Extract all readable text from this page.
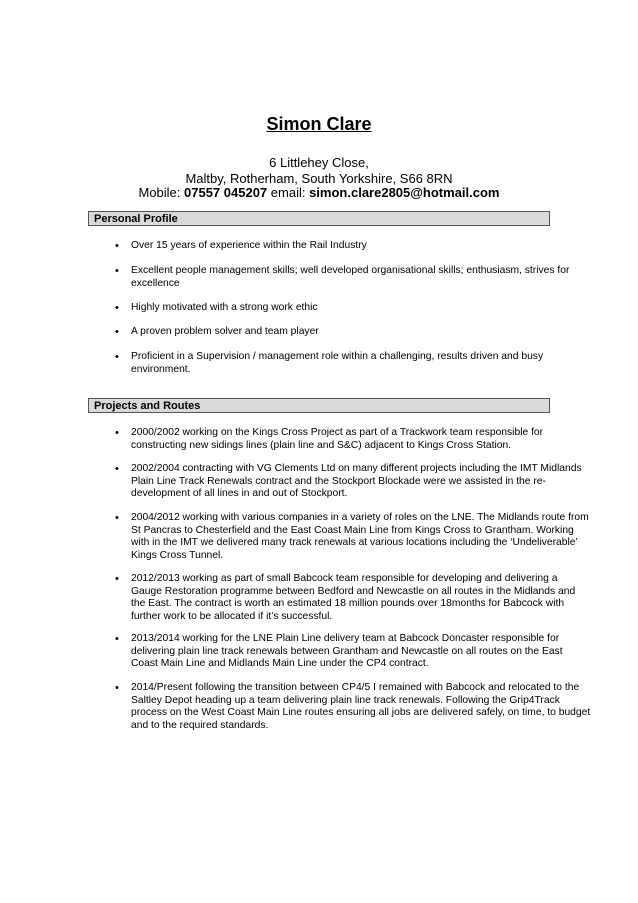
Simon Clare
6 Littlehey Close,
Maltby, Rotherham, South Yorkshire, S66 8RN
Mobile: 07557 045207 email: simon.clare2805@hotmail.com
Personal Profile
• Over 15 years of experience within the Rail Industry
• Excellent people management skills; well developed organisational skills; enthusiasm, strives for excellence
• Highly motivated with a strong work ethic
• A proven problem solver and team player
• Proficient in a Supervision / management role within a challenging, results driven and busy environment.
Projects and Routes
• 2000/2002 working on the Kings Cross Project as part of a Trackwork team responsible for constructing new sidings lines (plain line and S&C) adjacent to Kings Cross Station.
• 2002/2004 contracting with VG Clements Ltd on many different projects including the IMT Midlands Plain Line Track Renewals contract and the Stockport Blockade were we assisted in the re-development of all lines in and out of Stockport.
• 2004/2012 working with various companies in a variety of roles on the LNE. The Midlands route from St Pancras to Chesterfield and the East Coast Main Line from Kings Cross to Grantham. Working with in the IMT we delivered many track renewals at various locations including the ‘Undeliverable’ Kings Cross Tunnel.
• 2012/2013 working as part of small Babcock team responsible for developing and delivering a Gauge Restoration programme between Bedford and Newcastle on all routes in the Midlands and the East. The contract is worth an estimated 18 million pounds over 18months for Babcock with further work to be allocated if it’s successful.
• 2013/2014 working for the LNE Plain Line delivery team at Babcock Doncaster responsible for delivering plain line track renewals between Grantham and Newcastle on all routes on the East Coast Main Line and Midlands Main Line under the CP4 contract.
• 2014/Present following the transition between CP4/5 I remained with Babcock and relocated to the Saltley Depot heading up a team delivering plain line track renewals. Following the Grip4Track process on the West Coast Main Line routes ensuring all jobs are delivered safely, on time, to budget and to the required standards.
